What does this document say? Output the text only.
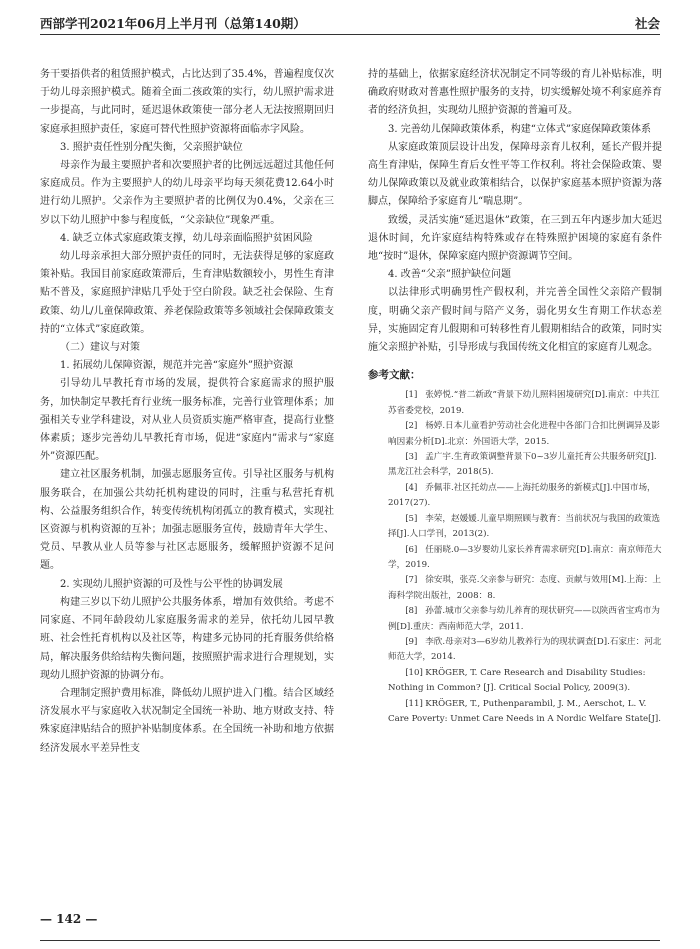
西部学刊2021年06月上半月刊（总第140期）	社会

务干要捂供者的租赁照护模式，占比达到了35.4%，普遍程度仅次于幼儿母亲照护模式。随着全面二孩政策的实行，幼儿照护需求进一步提高，与此同时，延迟退休政策使一部分老人无法按照期回归家庭承担照护责任，家庭可替代性照护资源将面临赤字风险。

3. 照护责任性别分配失衡，父亲照护缺位

母亲作为最主要照护者和次要照护者的比例远远超过其他任何家庭成员。作为主要照护人的幼儿母亲平均每天须花费12.64小时进行幼儿照护。父亲作为主要照护者的比例仅为0.4%，父亲在三岁以下幼儿照护中参与程度低，“父亲缺位”现象严重。

4. 缺乏立体式家庭政策支撑，幼儿母亲面临照护贫困风险

幼儿母亲承担大部分照护责任的同时，无法获得足够的家庭政策补贴。我国目前家庭政策滞后，生育津贴数额较小，男性生育津贴不普及，家庭照护津贴几乎处于空白阶段。缺乏社会保险、生育政策、幼儿/儿童保障政策、养老保险政策等多领域社会保障政策支持的“立体式”家庭政策。

（二）建议与对策

1. 拓展幼儿保障资源，规范并完善“家庭外”照护资源

引导幼儿早教托育市场的发展，提供符合家庭需求的照护服务，加快制定早教托育行业统一服务标准，完善行业管理体系；加强相关专业学科建设，对从业人员资质实施严格审查，提高行业整体素质；逐步完善幼儿早教托育市场，促进“家庭内”需求与“家庭外”资源匹配。

建立社区服务机制，加强志愿服务宣传。引导社区服务与机构服务联合，在加强公共幼托机构建设的同时，注重与私营托育机构、公益服务组织合作，转变传统机构闭孤立的教育模式，实现社区资源与机构资源的互补；加强志愿服务宣传，鼓励青年大学生、党员、早教从业人员等参与社区志愿服务，缓解照护资源不足问题。

2. 实现幼儿照护资源的可及性与公平性的协调发展

构建三岁以下幼儿照护公共服务体系，增加有效供给。考虑不同家庭、不同年龄段幼儿家庭服务需求的差异，依托幼儿园早教班、社会性托育机构以及社区等，构建多元协同的托育服务供给格局，解决服务供给结构失衡问题，按照照护需求进行合理规划，实现幼儿照护资源的协调分布。

合理制定照护费用标准，降低幼儿照护进入门槛。结合区域经济发展水平与家庭收入状况制定全国统一补助、地方财政支持、特殊家庭津贴结合的照护补贴制度体系。在全国统一补助和地方依据经济发展水平差异性支

持的基础上，依据家庭经济状况制定不同等级的育儿补贴标准，明确政府财政对普惠性照护服务的支持，切实缓解处境不利家庭养育者的经济负担，实现幼儿照护资源的普遍可及。

3. 完善幼儿保障政策体系，构建“立体式”家庭保障政策体系

从家庭政策顶层设计出发，保障母亲育儿权利，延长产假并提高生育津贴，保障生育后女性平等工作权利。将社会保险政策、婴幼儿保障政策以及就业政策相结合，以保护家庭基本照护资源为落脚点，保障给予家庭育儿“喘息期”。

致缓，灵活实施“延迟退休”政策，在三到五年内逐步加大延迟退休时间，允许家庭结构特殊或存在特殊照护困境的家庭有条件地“按时”退休，保障家庭内照护资源调节空间。

4. 改善“父亲”照护缺位问题

以法律形式明确男性产假权利，并完善全国性父亲陪产假制度，明确父亲产假时间与陪产义务，弱化男女生育期工作状态差异，实施固定育儿假期和可转移性育儿假期相结合的政策，同时实施父亲照护补贴，引导形成与我国传统文化相宜的家庭育儿观念。

参考文献：

[1] 张婷悦.“普二新政”背景下幼儿照料困境研究[D].南京：中共江苏省委党校，2019.

[2] 杨婷.日本儿童看护劳动社会化进程中各部门合扣比例调异及影响因素分析[D].北京：外国语大学，2015.

[3] 孟广宇.生育政策调整背景下0~3岁儿童托育公共服务研究[J].黑龙江社会科学，2018(5).

[4] 乔佩菲.社区托幼点——上海托幼服务的新模式[J].中国市场，2017(27).

[5] 李荣，赵媛媛.儿童早期照顾与教育：当前状况与我国的政策选择[J].人口学刊，2013(2).

[6] 任丽晓.0—3岁婴幼儿家长养育需求研究[D].南京：南京师范大学，2019.

[7] 徐安琪，张亮.父亲参与研究：态度、贡献与效用[M].上海：上海科学院出版社，2008：8.

[8] 孙蕾.城市父亲参与幼儿养育的现状研究——以陕西省宝鸡市为例[D].重庆：西南师范大学，2011.

[9] 李欣.母亲对3—6岁幼儿教养行为的现状调查[D].石家庄：河北师范大学，2014.

[10] KRÖGER, T. Care Research and Disability Studies: Nothing in Common? [J]. Critical Social Policy, 2009(3).

[11] KRÖGER, T., Puthenparambil, J. M., Aerschot, L. V. Care Poverty: Unmet Care Needs in A Nordic Welfare State[J].

— 142 —
